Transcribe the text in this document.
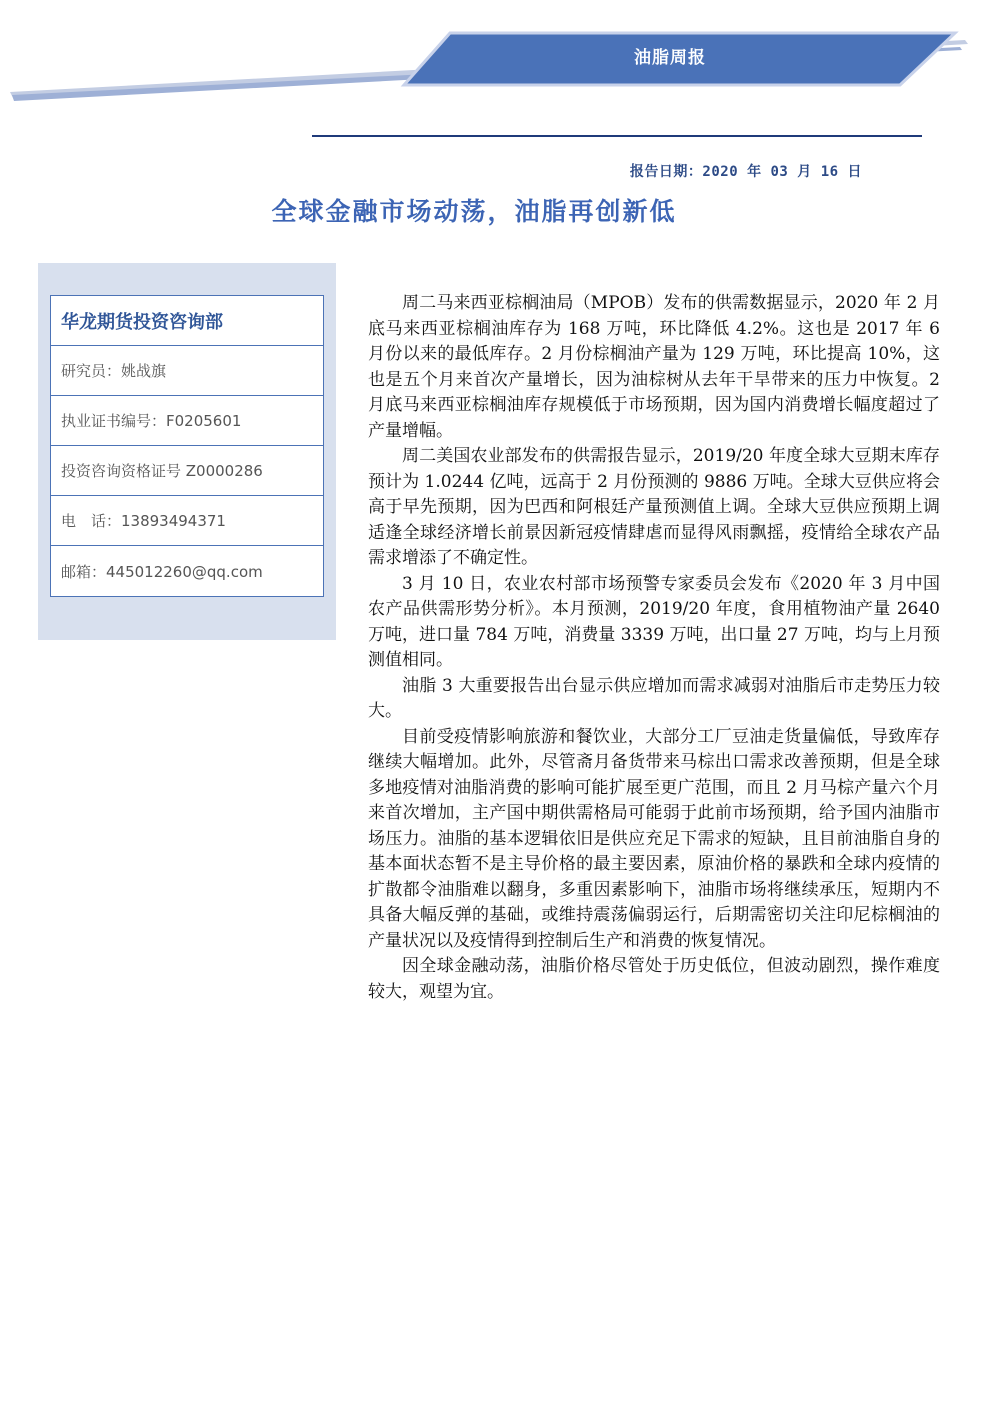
油脂周报
报告日期：2020 年 03 月 16 日
全球金融市场动荡，油脂再创新低
华龙期货投资咨询部
研究员：姚战旗
执业证书编号：F0205601
投资咨询资格证号 Z0000286
电　话：13893494371
邮箱：445012260@qq.com

周二马来西亚棕榈油局（MPOB）发布的供需数据显示，2020 年 2 月底马来西亚棕榈油库存为 168 万吨，环比降低 4.2%。这也是 2017 年 6 月份以来的最低库存。2 月份棕榈油产量为 129 万吨，环比提高 10%，这也是五个月来首次产量增长，因为油棕树从去年干旱带来的压力中恢复。2 月底马来西亚棕榈油库存规模低于市场预期，因为国内消费增长幅度超过了产量增幅。

周二美国农业部发布的供需报告显示，2019/20 年度全球大豆期末库存预计为 1.0244 亿吨，远高于 2 月份预测的 9886 万吨。全球大豆供应将会高于早先预期，因为巴西和阿根廷产量预测值上调。全球大豆供应预期上调适逢全球经济增长前景因新冠疫情肆虐而显得风雨飘摇，疫情给全球农产品需求增添了不确定性。

3 月 10 日，农业农村部市场预警专家委员会发布《2020 年 3 月中国农产品供需形势分析》。本月预测，2019/20 年度，食用植物油产量 2640 万吨，进口量 784 万吨，消费量 3339 万吨，出口量 27 万吨，均与上月预测值相同。

油脂 3 大重要报告出台显示供应增加而需求减弱对油脂后市走势压力较大。

目前受疫情影响旅游和餐饮业，大部分工厂豆油走货量偏低，导致库存继续大幅增加。此外，尽管斋月备货带来马棕出口需求改善预期，但是全球多地疫情对油脂消费的影响可能扩展至更广范围，而且 2 月马棕产量六个月来首次增加，主产国中期供需格局可能弱于此前市场预期，给予国内油脂市场压力。油脂的基本逻辑依旧是供应充足下需求的短缺，且目前油脂自身的基本面状态暂不是主导价格的最主要因素，原油价格的暴跌和全球内疫情的扩散都令油脂难以翻身，多重因素影响下，油脂市场将继续承压，短期内不具备大幅反弹的基础，或维持震荡偏弱运行，后期需密切关注印尼棕榈油的产量状况以及疫情得到控制后生产和消费的恢复情况。

因全球金融动荡，油脂价格尽管处于历史低位，但波动剧烈，操作难度较大，观望为宜。
